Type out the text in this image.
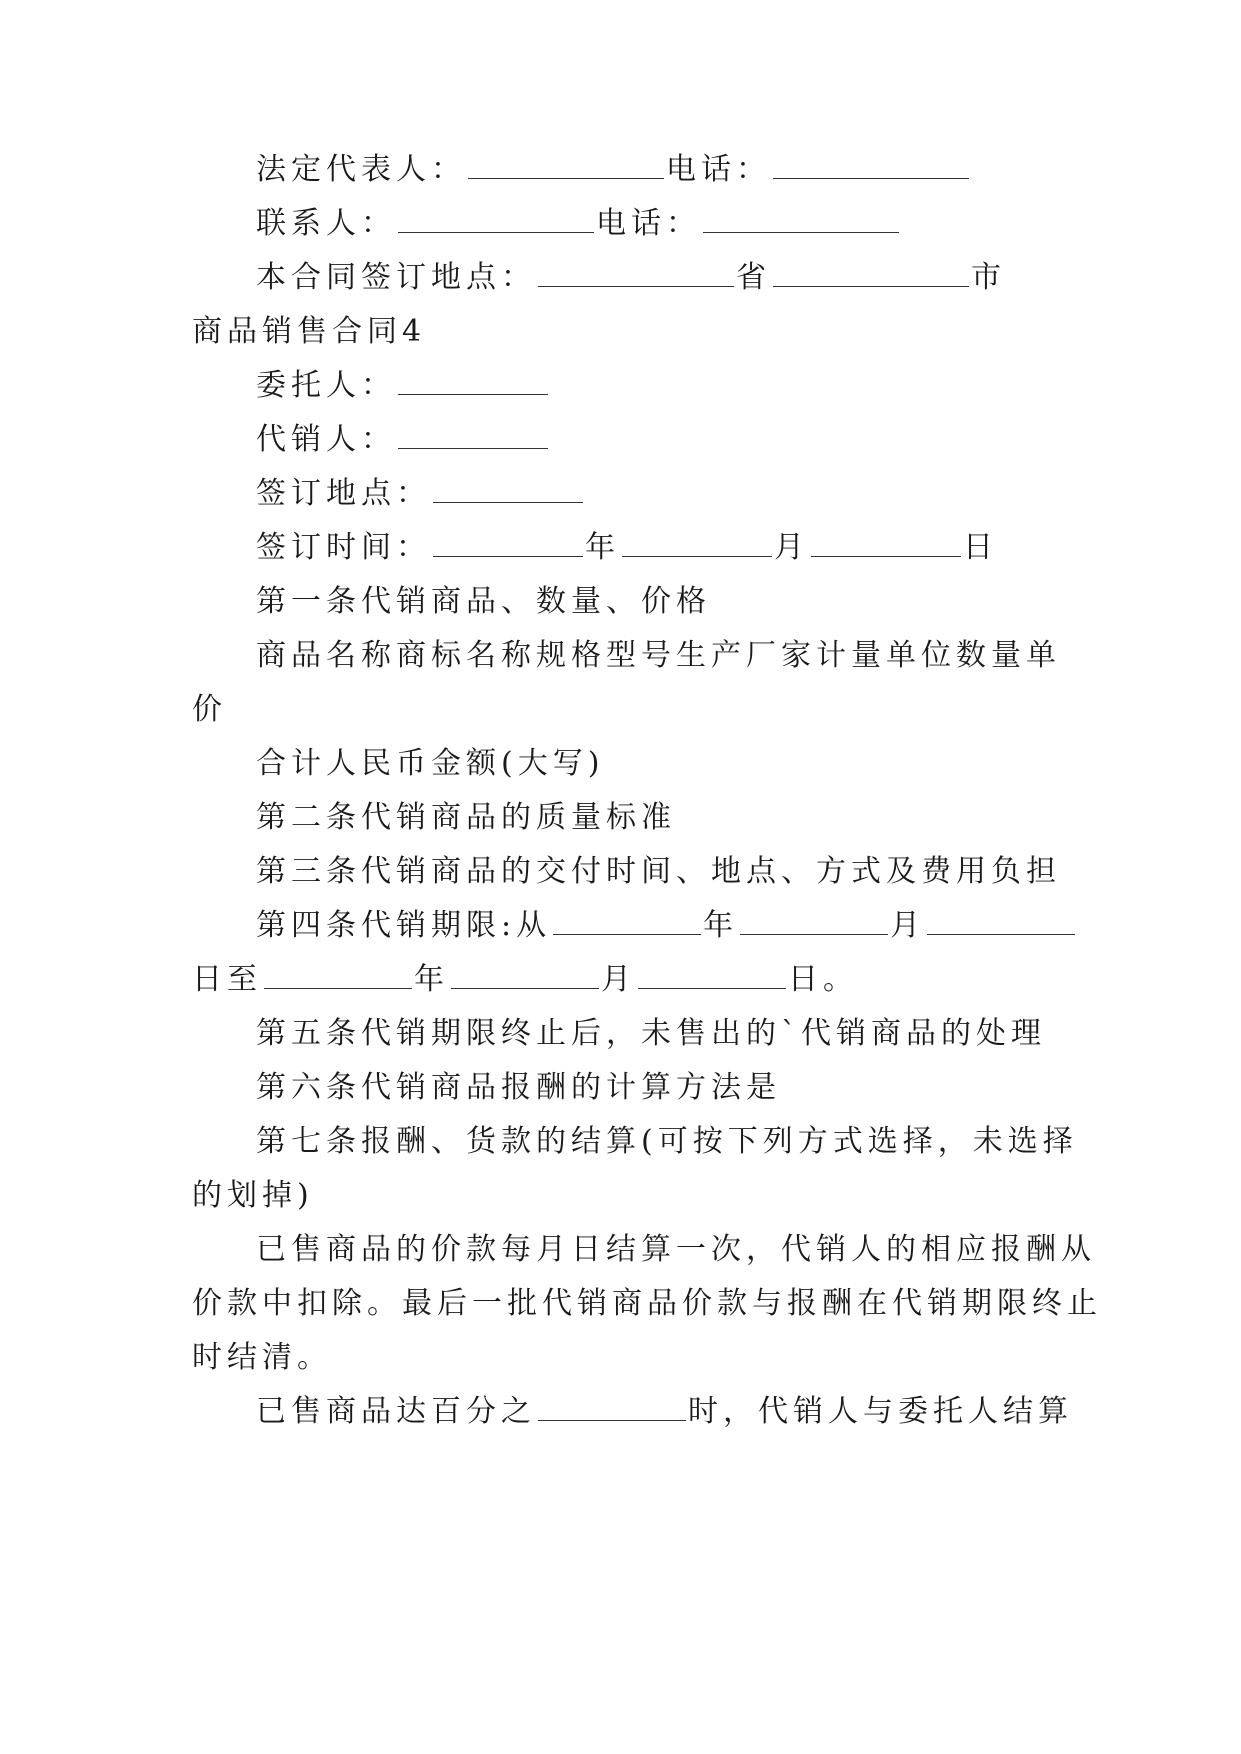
法定代表人：	电话：
联系人：	电话：
本合同签订地点：	省	市
商品销售合同4
委托人：
代销人：
签订地点：
签订时间：	年	月	日
第一条代销商品、数量、价格
商品名称商标名称规格型号生产厂家计量单位数量单
价
合计人民币金额(大写)
第二条代销商品的质量标准
第三条代销商品的交付时间、地点、方式及费用负担
第四条代销期限:从	年	月
日至	年	月	日。
第五条代销期限终止后，未售出的`代销商品的处理
第六条代销商品报酬的计算方法是
第七条报酬、货款的结算(可按下列方式选择，未选择
的划掉)
已售商品的价款每月日结算一次，代销人的相应报酬从
价款中扣除。最后一批代销商品价款与报酬在代销期限终止
时结清。
已售商品达百分之	时，代销人与委托人结算
